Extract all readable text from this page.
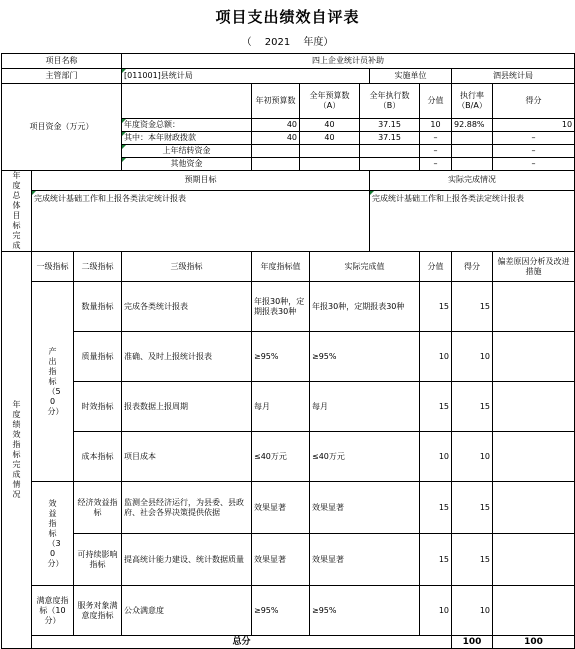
项目支出绩效自评表
（ 2021 年度）
项目名称			四上企业统计员补助									
主管部门			[011001]县统计局					实施单位		泗县统计局		
项目资金（万元）				年初预算数	全年预算数（A）		全年执行数（B）		分值	执行率（B/A）	得分	
			年度资金总额：	40	40		37.15		10	92.88%	10	
			其中：本年财政拨款	40	40		37.15		–		–	
			上年结转资金						–		–	
			其他资金						–		–	
年度总体目标完成	预期目标							实际完成情况				
	完成统计基础工作和上报各类法定统计报表							完成统计基础工作和上报各类法定统计报表				
年度绩效指标完成情况	一级指标	二级指标	三级指标	年度指标值		实际完成值			分值	得分	偏差原因分析及改进措施	
	产出指标（50分）	数量指标	完成各类统计报表	年报30种，定期报表30种		年报30种，定期报表30种			15	15		
		质量指标	准确、及时上报统计报表	≥95%		≥95%			10	10		
		时效指标	报表数据上报周期	每月		每月			15	15		
		成本指标	项目成本	≤40万元		≤40万元			10	10		
	效益指标（30分）	经济效益指标	监测全县经济运行，为县委、县政府、社会各界决策提供依据	效果显著		效果显著			15	15		
		可持续影响指标	提高统计能力建设、统计数据质量	效果显著		效果显著			15	15		
	满意度指标（10分）	服务对象满意度指标	公众满意度	≥95%		≥95%			10	10		
	总分									100	100	
